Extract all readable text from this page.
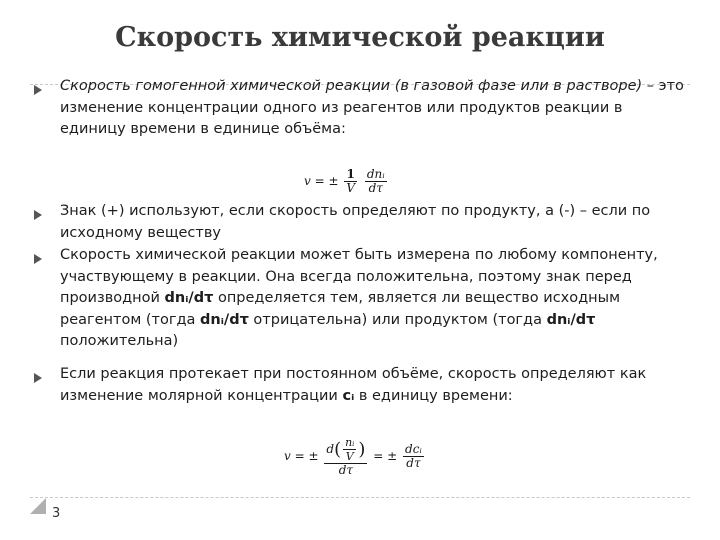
Скорость химической реакции
Скорость гомогенной химической реакции (в газовой фазе или в растворе) – это изменение концентрации одного из реагентов или продуктов реакции в единицу времени в единице объёма:
v = ± $\frac{1}{V}$
$\frac{\text{dnᵢ}}{d\tau}$
Знак (+) используют, если скорость определяют по продукту, а (-) – если по исходному веществу
Скорость химической реакции может быть измерена по любому компоненту, участвующему в реакции. Она всегда положительна, поэтому знак перед производной dnᵢ/dτ определяется тем, является ли вещество исходным реагентом (тогда dnᵢ/dτ отрицательна) или продуктом (тогда dnᵢ/dτ положительна)
Если реакция протекает при постоянном объёме, скорость определяют как изменение молярной концентрации cᵢ в единицу времени:
v = ± $\frac{d( \frac{\text{nᵢ}}{V} )}{d\tau}$ = ± $\frac{\text{dcᵢ}}{d\tau}$
3
